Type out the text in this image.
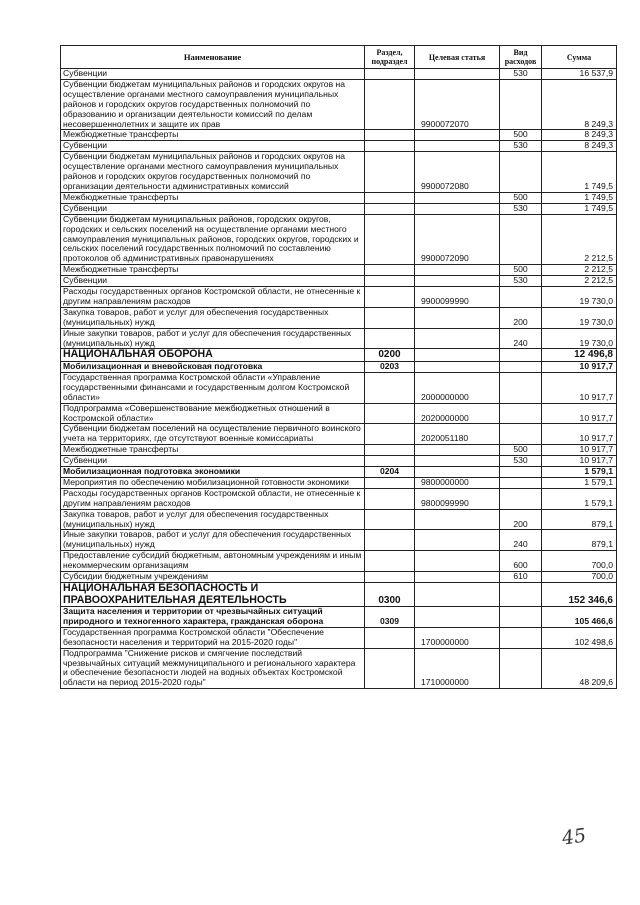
Наименование	Раздел, подраздел	Целевая статья	Вид расходов	Сумма
Субвенции			530	16 537,9
Субвенции бюджетам муниципальных районов и городских округов на осуществление органами местного самоуправления муниципальных районов и городских округов государственных полномочий по образованию и организации деятельности комиссий по делам несовершеннолетних и защите их прав		9900072070		8 249,3
Межбюджетные трансферты			500	8 249,3
Субвенции			530	8 249,3
Субвенции бюджетам муниципальных районов и городских округов на осуществление органами местного самоуправления муниципальных районов и городских округов государственных полномочий по организации деятельности административных комиссий		9900072080		1 749,5
Межбюджетные трансферты			500	1 749,5
Субвенции			530	1 749,5
Субвенции бюджетам муниципальных районов, городских округов, городских и сельских поселений на осуществление органами местного самоуправления муниципальных районов, городских округов, городских и сельских поселений государственных полномочий по составлению протоколов об административных правонарушениях		9900072090		2 212,5
Межбюджетные трансферты			500	2 212,5
Субвенции			530	2 212,5
Расходы государственных органов Костромской области, не отнесенные к другим направлениям расходов		9900099990		19 730,0
Закупка товаров, работ и услуг для обеспечения государственных (муниципальных) нужд			200	19 730,0
Иные закупки товаров, работ и услуг для обеспечения государственных (муниципальных) нужд			240	19 730,0
НАЦИОНАЛЬНАЯ ОБОРОНА	0200			12 496,8
Мобилизационная и вневойсковая подготовка	0203			10 917,7
Государственная программа Костромской области «Управление государственными финансами и государственным долгом Костромской области»		2000000000		10 917,7
Подпрограмма «Совершенствование межбюджетных отношений в Костромской области»		2020000000		10 917,7
Субвенции бюджетам поселений на осуществление первичного воинского учета на территориях, где отсутствуют военные комиссариаты		2020051180		10 917,7
Межбюджетные трансферты			500	10 917,7
Субвенции			530	10 917,7
Мобилизационная подготовка экономики	0204			1 579,1
Мероприятия по обеспечению мобилизационной готовности экономики		9800000000		1 579,1
Расходы государственных органов Костромской области, не отнесенные к другим направлениям расходов		9800099990		1 579,1
Закупка товаров, работ и услуг для обеспечения государственных (муниципальных) нужд			200	879,1
Иные закупки товаров, работ и услуг для обеспечения государственных (муниципальных) нужд			240	879,1
Предоставление субсидий бюджетным, автономным учреждениям и иным некоммерческим организациям			600	700,0
Субсидии бюджетным учреждениям			610	700,0
НАЦИОНАЛЬНАЯ БЕЗОПАСНОСТЬ И ПРАВООХРАНИТЕЛЬНАЯ ДЕЯТЕЛЬНОСТЬ	0300			152 346,6
Защита населения и территории от чрезвычайных ситуаций природного и техногенного характера, гражданская оборона	0309			105 466,6
Государственная программа Костромской области "Обеспечение безопасности населения и территорий на 2015-2020 годы"		1700000000		102 498,6
Подпрограмма "Снижение рисков и смягчение последствий чрезвычайных ситуаций межмуниципального и регионального характера и обеспечение безопасности людей на водных объектах Костромской области на период 2015-2020 годы"		1710000000		48 209,6
45
